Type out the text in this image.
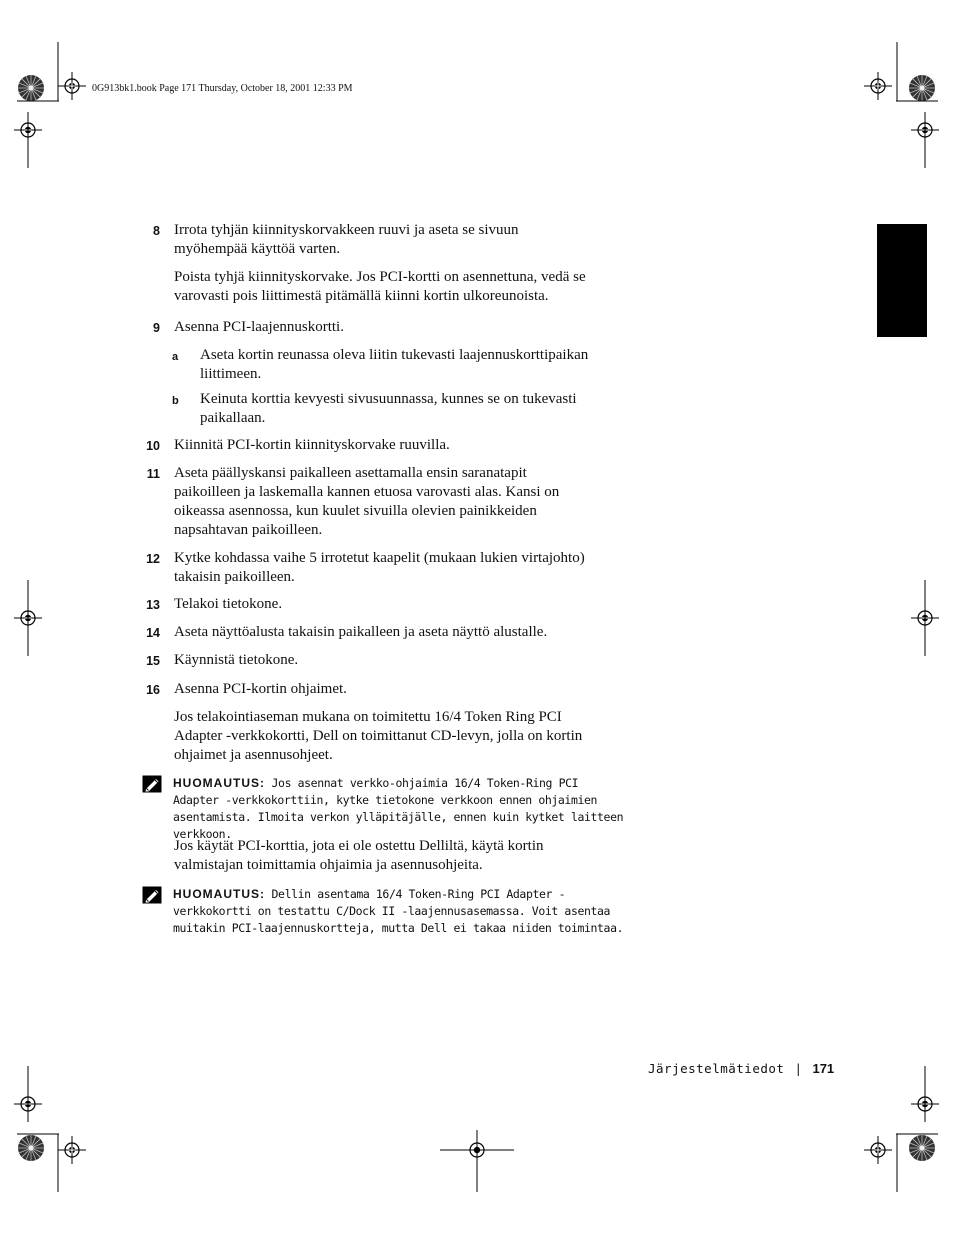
0G913bk1.book Page 171 Thursday, October 18, 2001 12:33 PM
8 Irrota tyhjän kiinnityskorvakkeen ruuvi ja aseta se sivuun myöhempää käyttöä varten.
Poista tyhjä kiinnityskorvake. Jos PCI-kortti on asennettuna, vedä se varovasti pois liittimestä pitämällä kiinni kortin ulkoreunoista.
9 Asenna PCI-laajennuskortti.
a Aseta kortin reunassa oleva liitin tukevasti laajennuskorttipaikan liittimeen.
b Keinuta korttia kevyesti sivusuunnassa, kunnes se on tukevasti paikallaan.
10 Kiinnitä PCI-kortin kiinnityskorvake ruuvilla.
11 Aseta päällyskansi paikalleen asettamalla ensin saranatapit paikoilleen ja laskemalla kannen etuosa varovasti alas. Kansi on oikeassa asennossa, kun kuulet sivuilla olevien painikkeiden napsahtavan paikoilleen.
12 Kytke kohdassa vaihe 5 irrotetut kaapelit (mukaan lukien virtajohto) takaisin paikoilleen.
13 Telakoi tietokone.
14 Aseta näyttöalusta takaisin paikalleen ja aseta näyttö alustalle.
15 Käynnistä tietokone.
16 Asenna PCI-kortin ohjaimet.
Jos telakointiaseman mukana on toimitettu 16/4 Token Ring PCI Adapter -verkkokortti, Dell on toimittanut CD-levyn, jolla on kortin ohjaimet ja asennusohjeet.
HUOMAUTUS: Jos asennat verkko-ohjaimia 16/4 Token-Ring PCI Adapter -verkkokorttiin, kytke tietokone verkkoon ennen ohjaimien asentamista. Ilmoita verkon ylläpitäjälle, ennen kuin kytket laitteen verkkoon.
Jos käytät PCI-korttia, jota ei ole ostettu Delliltä, käytä kortin valmistajan toimittamia ohjaimia ja asennusohjeita.
HUOMAUTUS: Dellin asentama 16/4 Token-Ring PCI Adapter -verkkokortti on testattu C/Dock II -laajennusasemassa. Voit asentaa muitakin PCI-laajennuskortteja, mutta Dell ei takaa niiden toimintaa.
Järjestelmätiedot | 171
